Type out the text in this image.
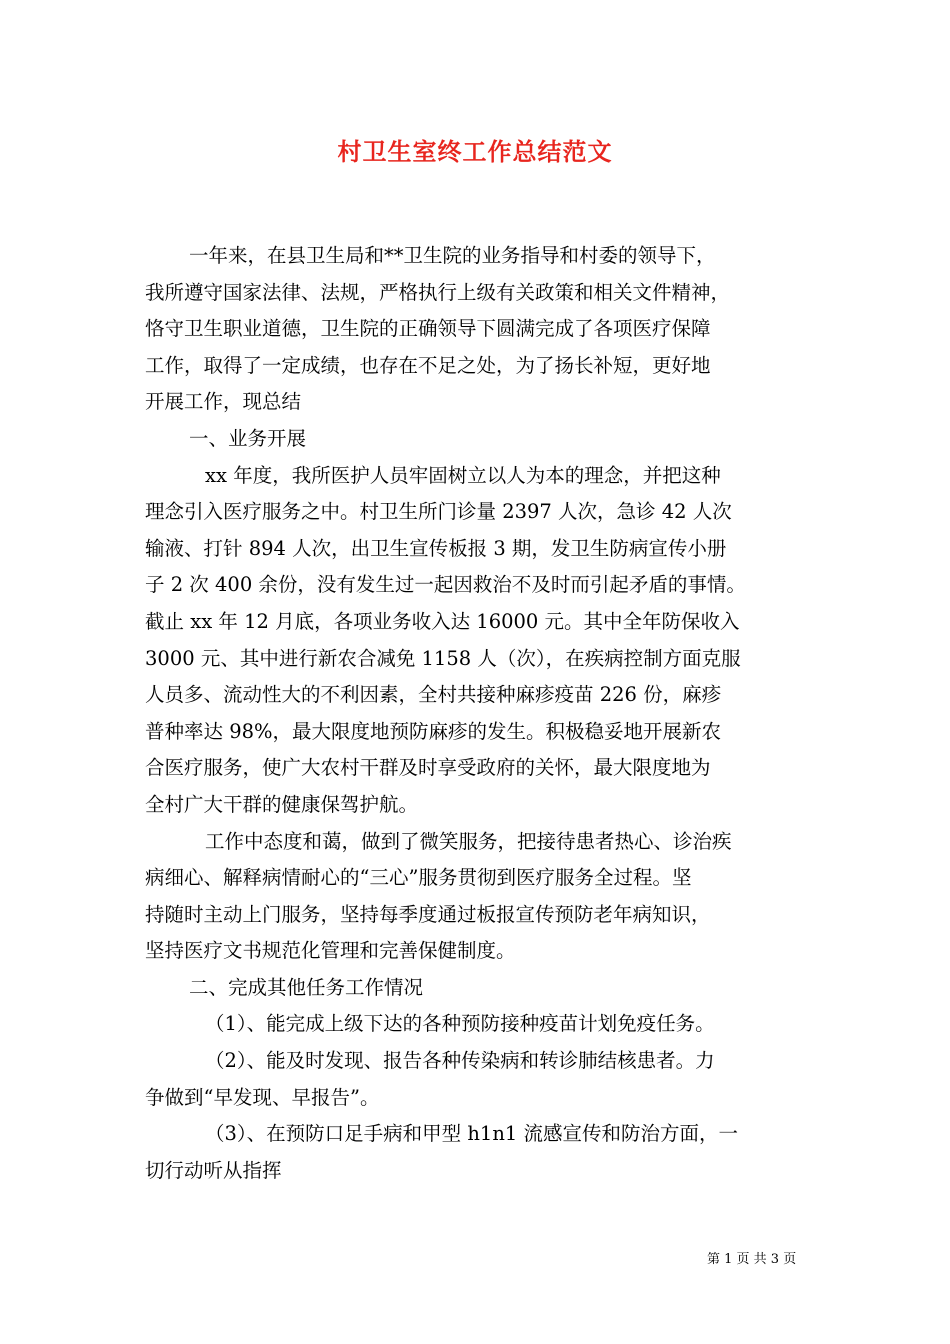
村卫生室终工作总结范文

一年来，在县卫生局和**卫生院的业务指导和村委的领导下，

我所遵守国家法律、法规，严格执行上级有关政策和相关文件精神，

恪守卫生职业道德，卫生院的正确领导下圆满完成了各项医疗保障

工作，取得了一定成绩，也存在不足之处，为了扬长补短，更好地

开展工作，现总结

一、业务开展

xx 年度，我所医护人员牢固树立以人为本的理念，并把这种

理念引入医疗服务之中。村卫生所门诊量 2397 人次，急诊 42 人次

输液、打针 894 人次，出卫生宣传板报 3 期，发卫生防病宣传小册

子 2 次 400 余份，没有发生过一起因救治不及时而引起矛盾的事情。

截止 xx 年 12 月底，各项业务收入达 16000 元。其中全年防保收入

3000 元、其中进行新农合减免 1158 人（次），在疾病控制方面克服

人员多、流动性大的不利因素，全村共接种麻疹疫苗 226 份，麻疹

普种率达 98%，最大限度地预防麻疹的发生。积极稳妥地开展新农

合医疗服务，使广大农村干群及时享受政府的关怀，最大限度地为

全村广大干群的健康保驾护航。

工作中态度和蔼，做到了微笑服务，把接待患者热心、诊治疾

病细心、解释病情耐心的“三心”服务贯彻到医疗服务全过程。坚

持随时主动上门服务，坚持每季度通过板报宣传预防老年病知识，

坚持医疗文书规范化管理和完善保健制度。

二、完成其他任务工作情况

（1）、能完成上级下达的各种预防接种疫苗计划免疫任务。

（2）、能及时发现、报告各种传染病和转诊肺结核患者。力

争做到“早发现、早报告”。

（3）、在预防口足手病和甲型 h1n1 流感宣传和防治方面，一

切行动听从指挥

第 1 页 共 3 页
